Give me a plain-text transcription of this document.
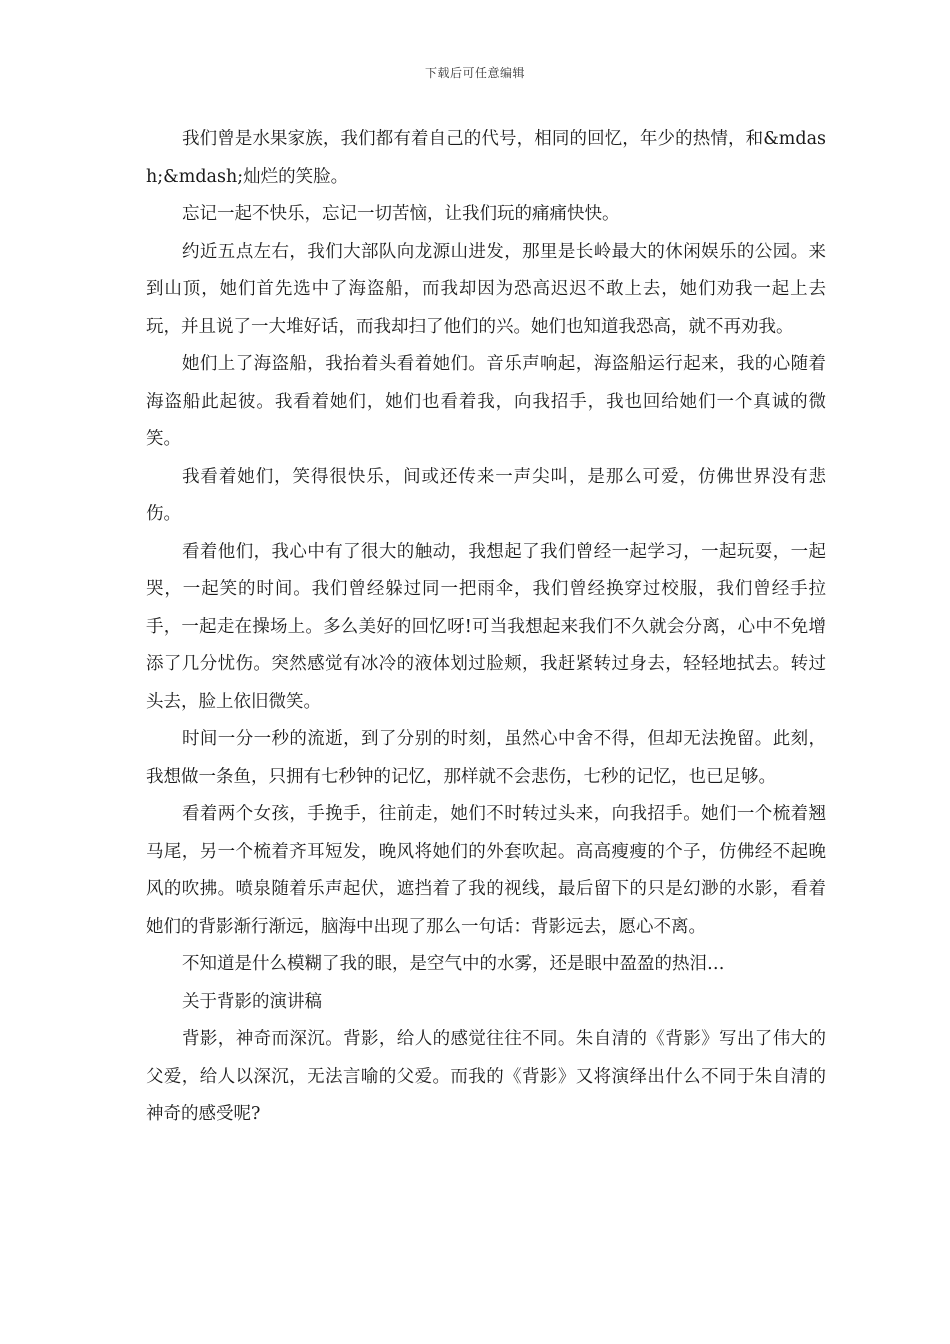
下载后可任意编辑

我们曾是水果家族，我们都有着自己的代号，相同的回忆，年少的热情，和&mdash;&mdash;灿烂的笑脸。

忘记一起不快乐，忘记一切苦恼，让我们玩的痛痛快快。

约近五点左右，我们大部队向龙源山进发，那里是长岭最大的休闲娱乐的公园。来到山顶，她们首先选中了海盗船，而我却因为恐高迟迟不敢上去，她们劝我一起上去玩，并且说了一大堆好话，而我却扫了他们的兴。她们也知道我恐高，就不再劝我。

她们上了海盗船，我抬着头看着她们。音乐声响起，海盗船运行起来，我的心随着海盗船此起彼。我看着她们，她们也看着我，向我招手，我也回给她们一个真诚的微笑。

我看着她们，笑得很快乐，间或还传来一声尖叫，是那么可爱，仿佛世界没有悲伤。

看着他们，我心中有了很大的触动，我想起了我们曾经一起学习，一起玩耍，一起哭，一起笑的时间。我们曾经躲过同一把雨伞，我们曾经换穿过校服，我们曾经手拉手，一起走在操场上。多么美好的回忆呀!可当我想起来我们不久就会分离，心中不免增添了几分忧伤。突然感觉有冰冷的液体划过脸颊，我赶紧转过身去，轻轻地拭去。转过头去，脸上依旧微笑。

时间一分一秒的流逝，到了分别的时刻，虽然心中舍不得，但却无法挽留。此刻，我想做一条鱼，只拥有七秒钟的记忆，那样就不会悲伤，七秒的记忆，也已足够。

看着两个女孩，手挽手，往前走，她们不时转过头来，向我招手。她们一个梳着翘马尾，另一个梳着齐耳短发，晚风将她们的外套吹起。高高瘦瘦的个子，仿佛经不起晚风的吹拂。喷泉随着乐声起伏，遮挡着了我的视线，最后留下的只是幻渺的水影，看着她们的背影渐行渐远，脑海中出现了那么一句话：背影远去，愿心不离。

不知道是什么模糊了我的眼，是空气中的水雾，还是眼中盈盈的热泪…

关于背影的演讲稿

背影，神奇而深沉。背影，给人的感觉往往不同。朱自清的《背影》写出了伟大的父爱，给人以深沉，无法言喻的父爱。而我的《背影》又将演绎出什么不同于朱自清的神奇的感受呢?
